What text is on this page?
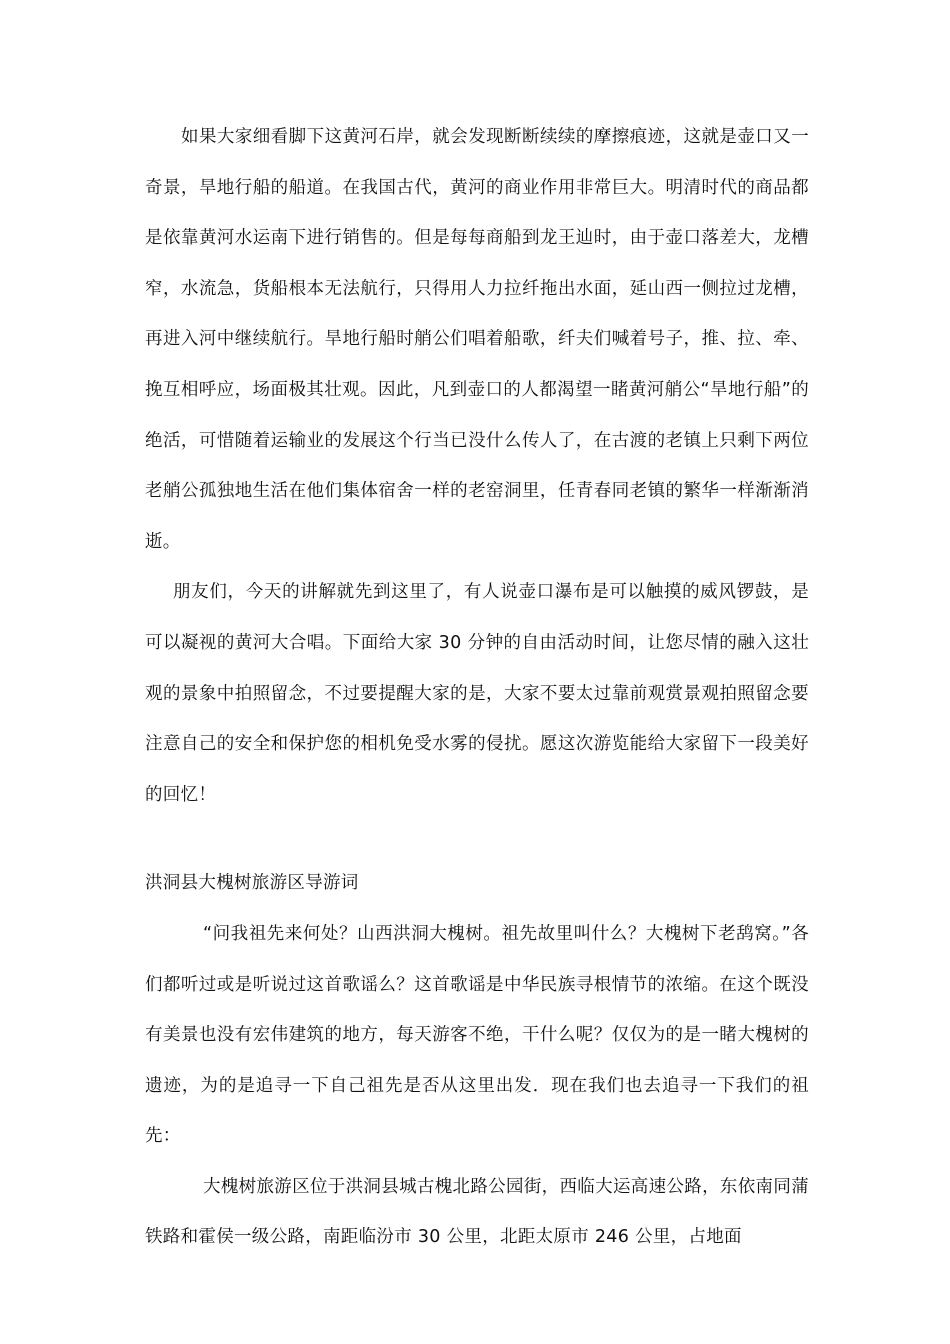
如果大家细看脚下这黄河石岸，就会发现断断续续的摩擦痕迹，这就是壶口又一奇景，旱地行船的船道。在我国古代，黄河的商业作用非常巨大。明清时代的商品都是依靠黄河水运南下进行销售的。但是每每商船到龙王辿时，由于壶口落差大，龙槽窄，水流急，货船根本无法航行，只得用人力拉纤拖出水面，延山西一侧拉过龙槽，再进入河中继续航行。旱地行船时艄公们唱着船歌，纤夫们喊着号子，推、拉、牵、挽互相呼应，场面极其壮观。因此，凡到壶口的人都渴望一睹黄河艄公“旱地行船”的绝活，可惜随着运输业的发展这个行当已没什么传人了，在古渡的老镇上只剩下两位老艄公孤独地生活在他们集体宿舍一样的老窑洞里，任青春同老镇的繁华一样渐渐消逝。

朋友们，今天的讲解就先到这里了，有人说壶口瀑布是可以触摸的威风锣鼓，是可以凝视的黄河大合唱。下面给大家 30 分钟的自由活动时间，让您尽情的融入这壮观的景象中拍照留念，不过要提醒大家的是，大家不要太过靠前观赏景观拍照留念要注意自己的安全和保护您的相机免受水雾的侵扰。愿这次游览能给大家留下一段美好的回忆！

洪洞县大槐树旅游区导游词

“问我祖先来何处？山西洪洞大槐树。祖先故里叫什么？大槐树下老鸹窝。”各们都听过或是听说过这首歌谣么？这首歌谣是中华民族寻根情节的浓缩。在这个既没有美景也没有宏伟建筑的地方，每天游客不绝，干什么呢？仅仅为的是一睹大槐树的遗迹，为的是追寻一下自己祖先是否从这里出发．现在我们也去追寻一下我们的祖先：

大槐树旅游区位于洪洞县城古槐北路公园街，西临大运高速公路，东依南同蒲铁路和霍侯一级公路，南距临汾市 30 公里，北距太原市 246 公里，占地面
